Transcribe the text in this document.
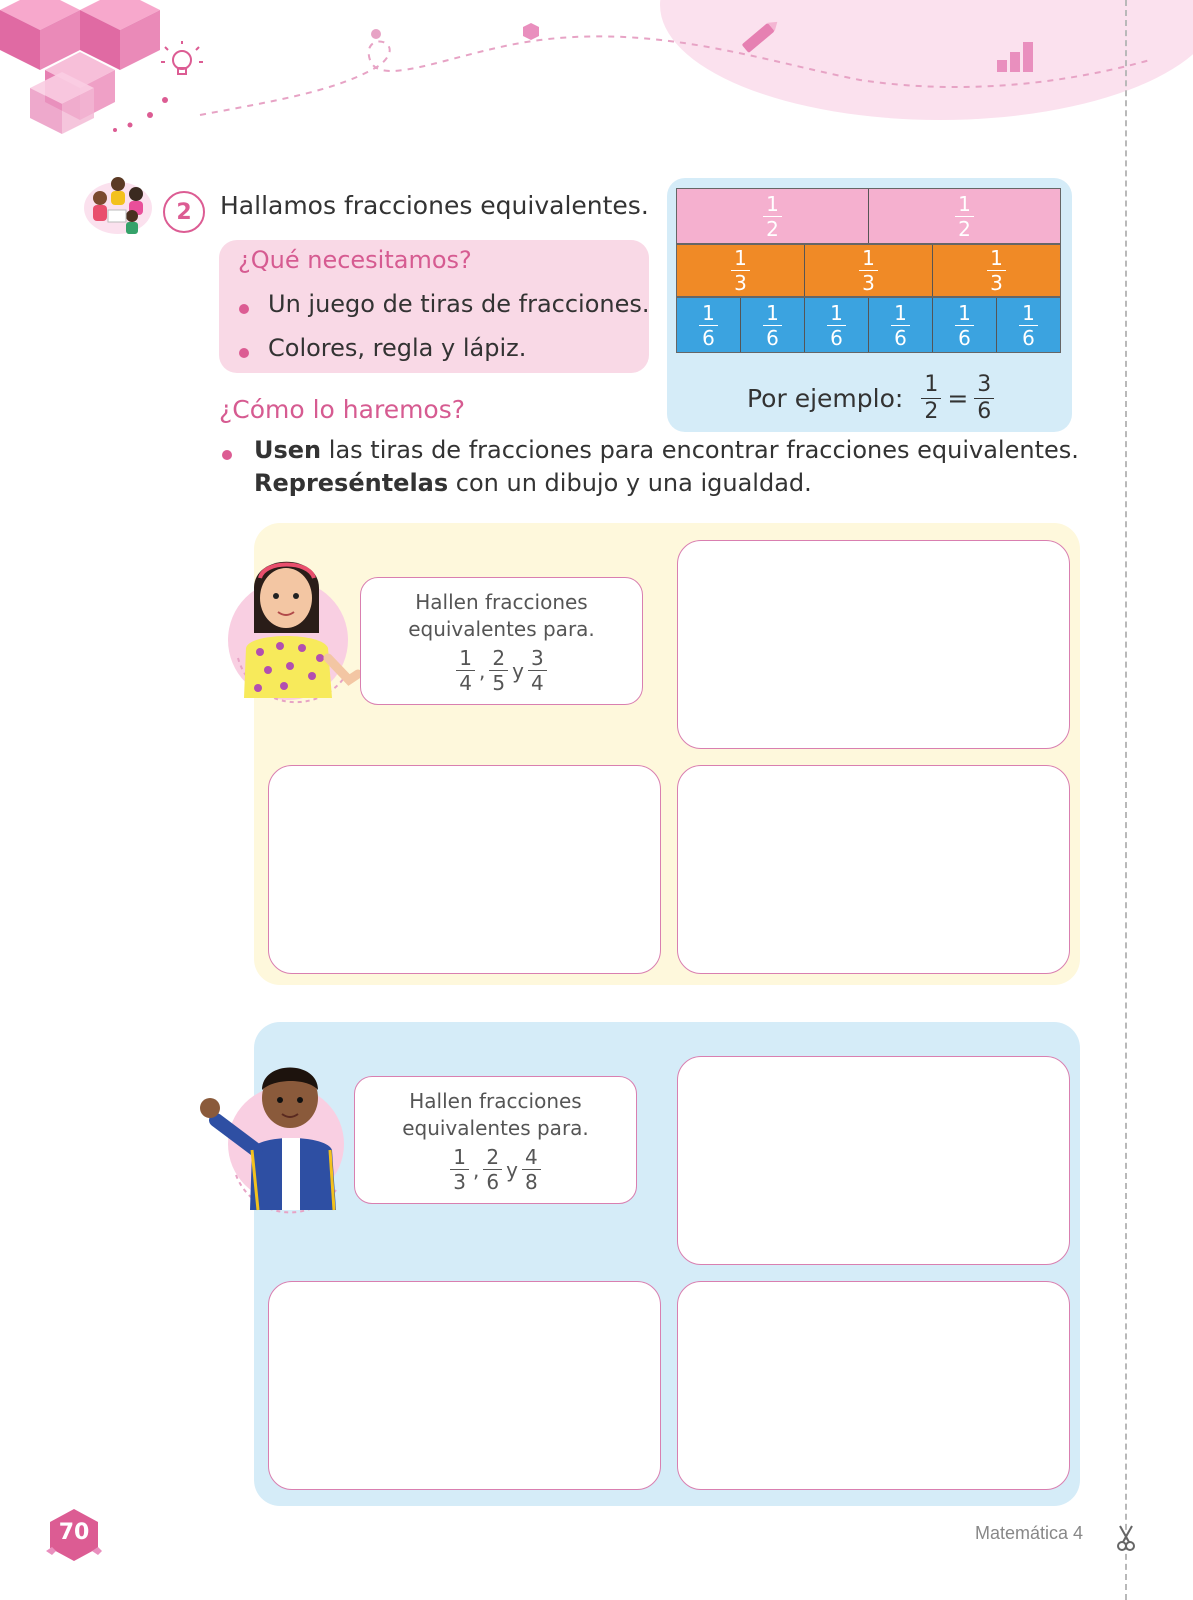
2	Hallamos fracciones equivalentes.
¿Qué necesitamos?
Un juego de tiras de fracciones.
Colores, regla y lápiz.
¿Cómo lo haremos?
$\frac{1}{2}$	$\frac{1}{2}$
$\frac{1}{3}$	$\frac{1}{3}$	$\frac{1}{3}$
$\frac{1}{6} \frac{1}{6} \frac{1}{6} \frac{1}{6} \frac{1}{6} \frac{1}{6}$
Por ejemplo: $\frac{1}{2} = \frac{3}{6}$
Usen las tiras de fracciones para encontrar fracciones equivalentes.
Represéntelas con un dibujo y una igualdad.
Hallen fracciones
equivalentes para.
$\frac{1}{4}$ , $\frac{2}{5}$ y $\frac{3}{4}$
Hallen fracciones
equivalentes para.
$\frac{1}{3}$ , $\frac{2}{6}$ y $\frac{4}{8}$
70	Matemática 4
